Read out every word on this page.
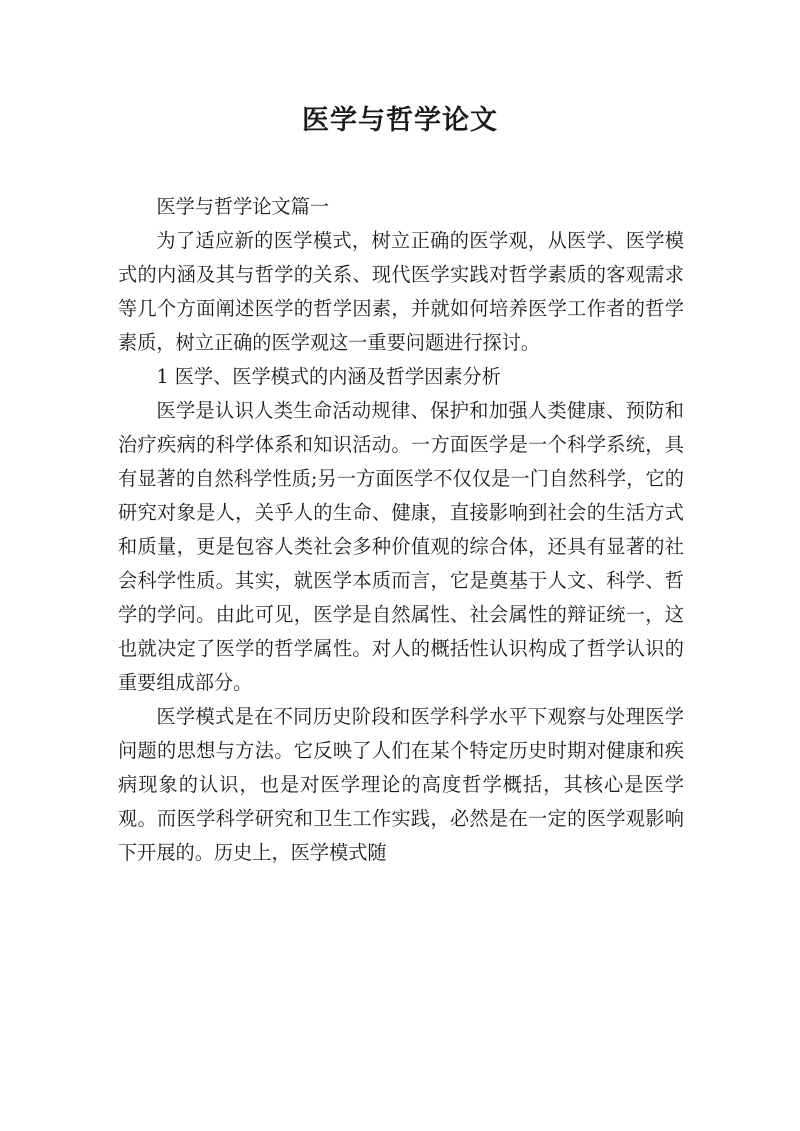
医学与哲学论文

医学与哲学论文篇一

为了适应新的医学模式，树立正确的医学观，从医学、医学模式的内涵及其与哲学的关系、现代医学实践对哲学素质的客观需求等几个方面阐述医学的哲学因素，并就如何培养医学工作者的哲学素质，树立正确的医学观这一重要问题进行探讨。

1 医学、医学模式的内涵及哲学因素分析

医学是认识人类生命活动规律、保护和加强人类健康、预防和治疗疾病的科学体系和知识活动。一方面医学是一个科学系统，具有显著的自然科学性质;另一方面医学不仅仅是一门自然科学，它的研究对象是人，关乎人的生命、健康，直接影响到社会的生活方式和质量，更是包容人类社会多种价值观的综合体，还具有显著的社会科学性质。其实，就医学本质而言，它是奠基于人文、科学、哲学的学问。由此可见，医学是自然属性、社会属性的辩证统一，这也就决定了医学的哲学属性。对人的概括性认识构成了哲学认识的重要组成部分。

医学模式是在不同历史阶段和医学科学水平下观察与处理医学问题的思想与方法。它反映了人们在某个特定历史时期对健康和疾病现象的认识，也是对医学理论的高度哲学概括，其核心是医学观。而医学科学研究和卫生工作实践，必然是在一定的医学观影响下开展的。历史上，医学模式随
